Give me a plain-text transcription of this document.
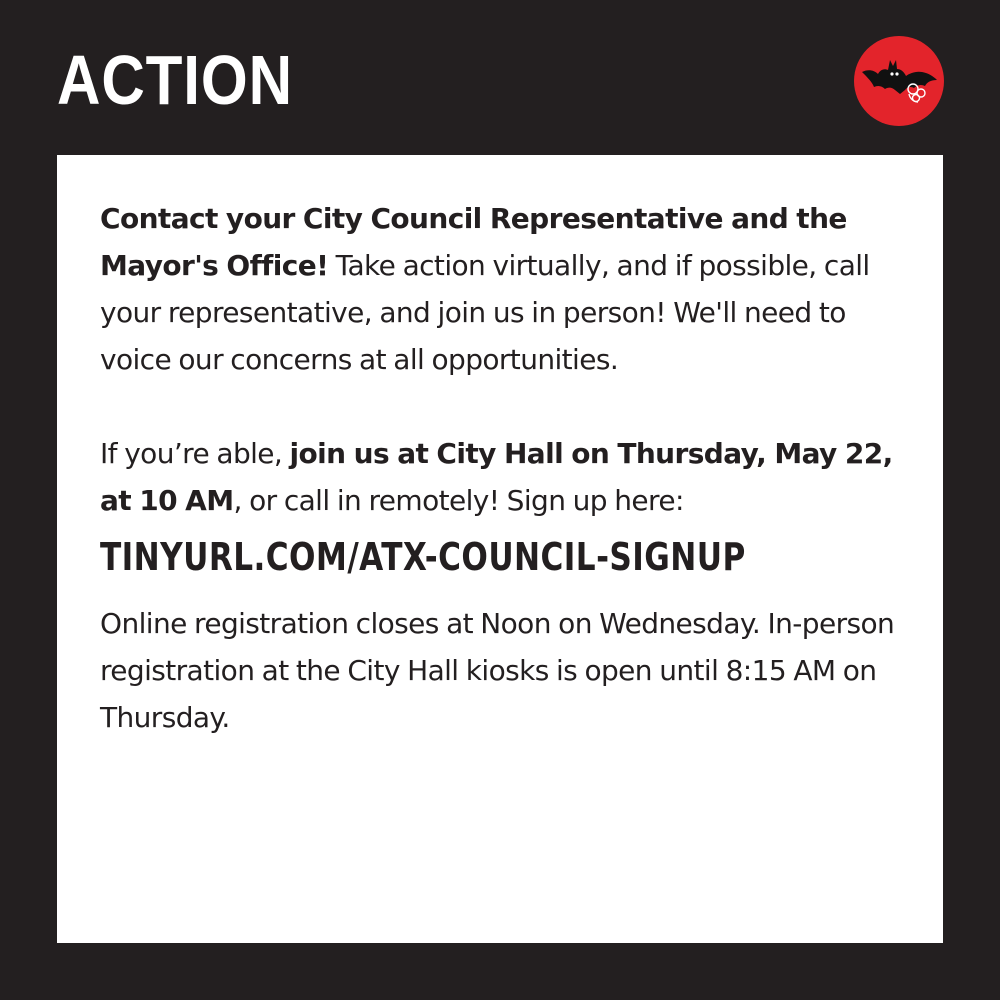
ACTION

Contact your City Council Representative and the Mayor's Office! Take action virtually, and if possible, call your representative, and join us in person! We'll need to voice our concerns at all opportunities.

If you’re able, join us at City Hall on Thursday, May 22, at 10 AM, or call in remotely! Sign up here:

TINYURL.COM/ATX-COUNCIL-SIGNUP

Online registration closes at Noon on Wednesday. In-person registration at the City Hall kiosks is open until 8:15 AM on Thursday.
